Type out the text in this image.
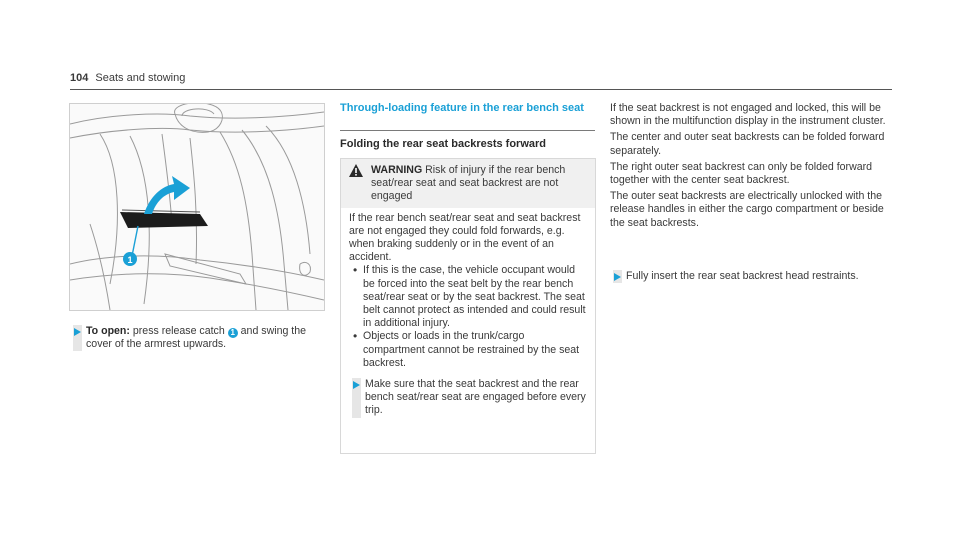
104 Seats and stowing
1
To open: press release catch 1 and swing the cover of the armrest upwards.
Through-loading feature in the rear bench seat
Folding the rear seat backrests forward
WARNING Risk of injury if the rear bench seat/rear seat and seat backrest are not engaged
If the rear bench seat/rear seat and seat backrest are not engaged they could fold forwards, e.g. when braking suddenly or in the event of an accident.
• If this is the case, the vehicle occupant would be forced into the seat belt by the rear bench seat/rear seat or by the seat backrest. The seat belt cannot protect as intended and could result in additional injury.
• Objects or loads in the trunk/cargo compartment cannot be restrained by the seat backrest.
Make sure that the seat backrest and the rear bench seat/rear seat are engaged before every trip.

If the seat backrest is not engaged and locked, this will be shown in the multifunction display in the instrument cluster.

The center and outer seat backrests can be folded forward separately.

The right outer seat backrest can only be folded forward together with the center seat backrest.

The outer seat backrests are electrically unlocked with the release handles in either the cargo compartment or beside the seat backrests.

Fully insert the rear seat backrest head restraints.
